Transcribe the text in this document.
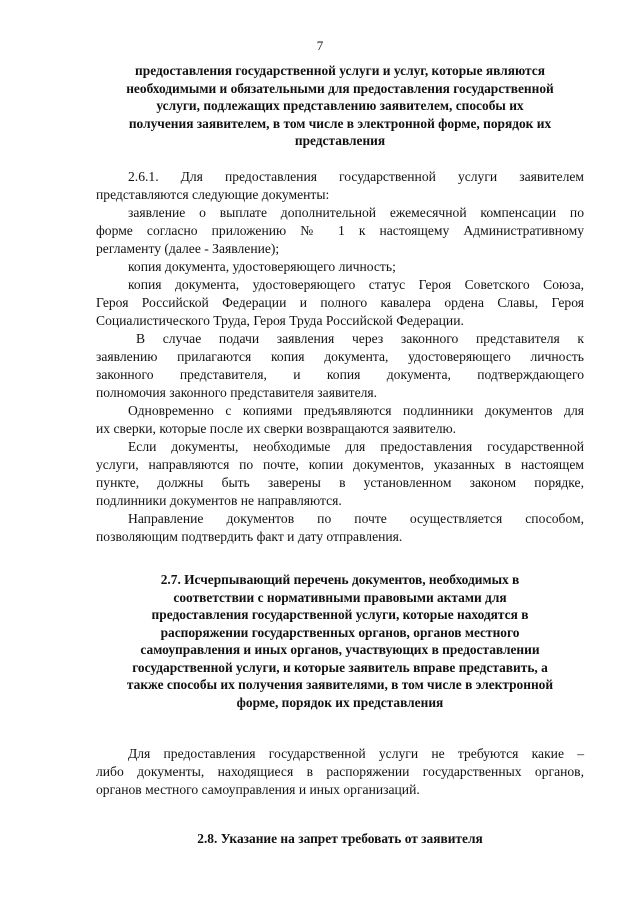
7
предоставления государственной услуги и услуг, которые являются
необходимыми и обязательными для предоставления государственной
услуги, подлежащих представлению заявителем, способы их
получения заявителем, в том числе в электронной форме, порядок их
представления
2.6.1. Для предоставления государственной услуги заявителем
представляются следующие документы:
заявление о выплате дополнительной ежемесячной компенсации по
форме согласно приложению № 1 к настоящему Административному
регламенту (далее - Заявление);
копия документа, удостоверяющего личность;
копия документа, удостоверяющего статус Героя Советского Союза,
Героя Российской Федерации и полного кавалера ордена Славы, Героя
Социалистического Труда, Героя Труда Российской Федерации.
В случае подачи заявления через законного представителя к
заявлению прилагаются копия документа, удостоверяющего личность
законного представителя, и копия документа, подтверждающего
полномочия законного представителя заявителя.
Одновременно с копиями предъявляются подлинники документов для
их сверки, которые после их сверки возвращаются заявителю.
Если документы, необходимые для предоставления государственной
услуги, направляются по почте, копии документов, указанных в настоящем
пункте, должны быть заверены в установленном законом порядке,
подлинники документов не направляются.
Направление документов по почте осуществляется способом,
позволяющим подтвердить факт и дату отправления.
2.7. Исчерпывающий перечень документов, необходимых в
соответствии с нормативными правовыми актами для
предоставления государственной услуги, которые находятся в
распоряжении государственных органов, органов местного
самоуправления и иных органов, участвующих в предоставлении
государственной услуги, и которые заявитель вправе представить, а
также способы их получения заявителями, в том числе в электронной
форме, порядок их представления
Для предоставления государственной услуги не требуются какие –
либо документы, находящиеся в распоряжении государственных органов,
органов местного самоуправления и иных организаций.
2.8. Указание на запрет требовать от заявителя
